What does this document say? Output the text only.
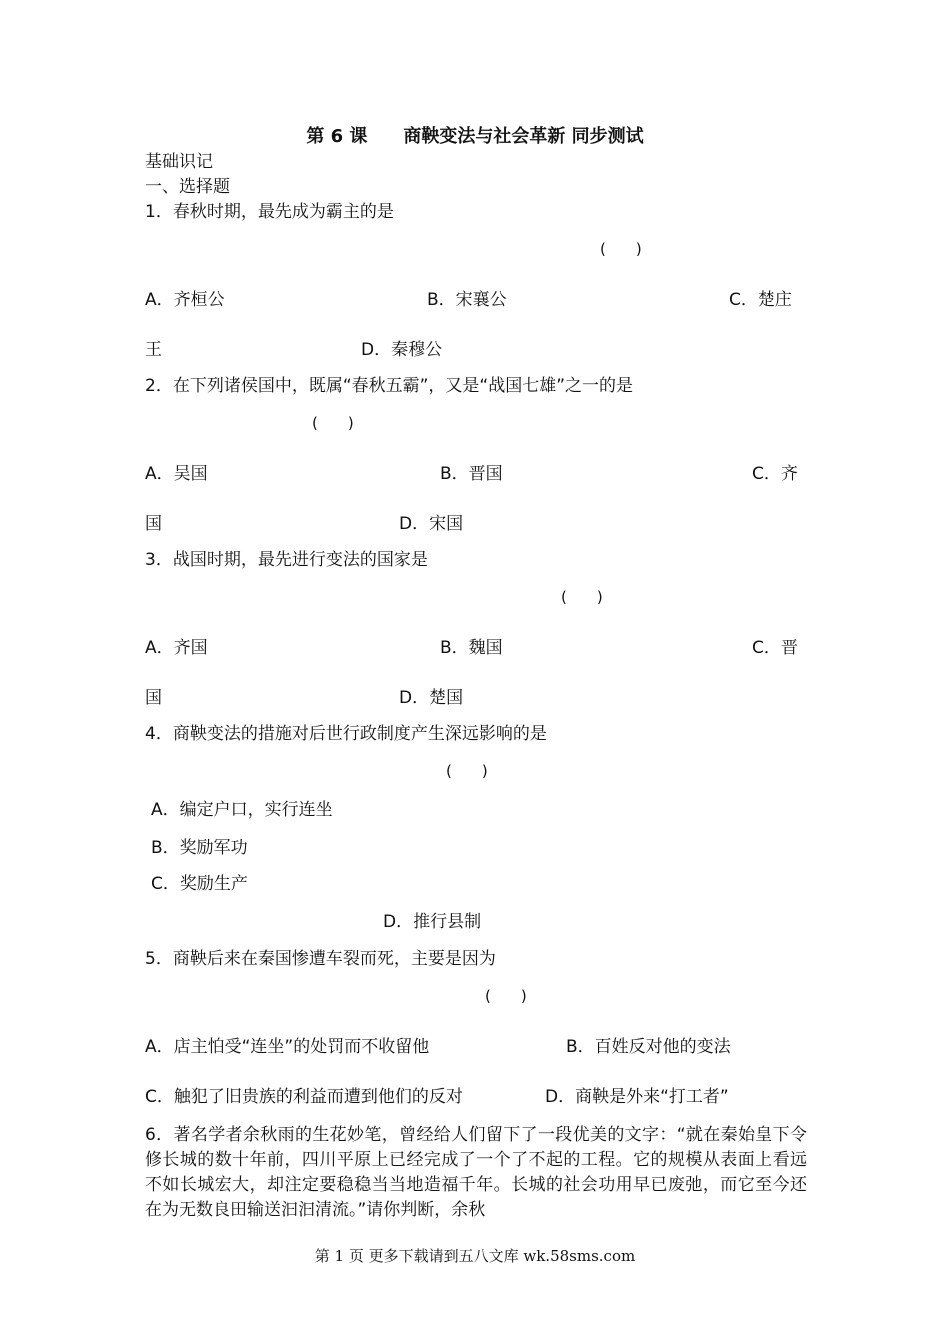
第 6 课　　商鞅变法与社会革新 同步测试
基础识记
一、选择题
1．春秋时期，最先成为霸主的是
(　　)
A．齐桓公	B．宋襄公	C．楚庄
王	D．秦穆公
2．在下列诸侯国中，既属“春秋五霸”，又是“战国七雄”之一的是
(　　)
A．吴国	B．晋国	C．齐
国	D．宋国
3．战国时期，最先进行变法的国家是
(　　)
A．齐国	B．魏国	C．晋
国	D．楚国
4．商鞅变法的措施对后世行政制度产生深远影响的是
(　　)
A．编定户口，实行连坐
B．奖励军功
C．奖励生产
D．推行县制
5．商鞅后来在秦国惨遭车裂而死，主要是因为
(　　)
A．店主怕受“连坐”的处罚而不收留他	B．百姓反对他的变法
C．触犯了旧贵族的利益而遭到他们的反对	D．商鞅是外来“打工者”
6．著名学者余秋雨的生花妙笔，曾经给人们留下了一段优美的文字：“就在秦始皇下令修长城的数十年前，四川平原上已经完成了一个了不起的工程。它的规模从表面上看远不如长城宏大，却注定要稳稳当当地造福千年。长城的社会功用早已废弛，而它至今还在为无数良田输送汩汩清流。”请你判断，余秋
第 1 页 更多下载请到五八文库 wk.58sms.com
